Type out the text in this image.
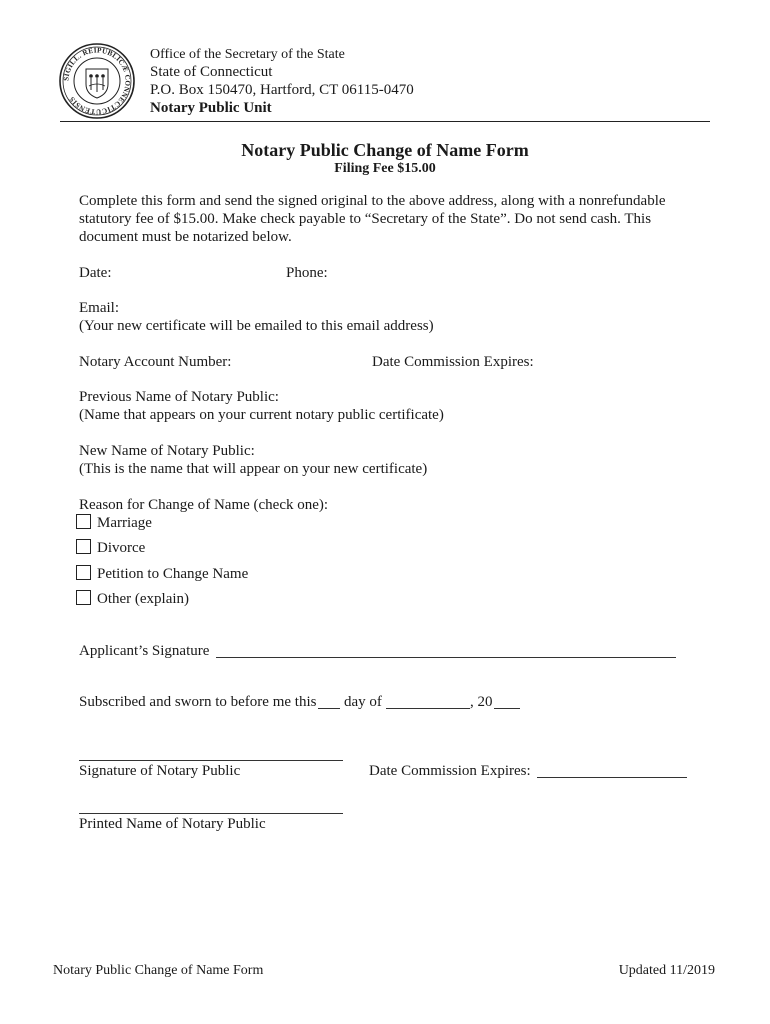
SIGILL. REIPUBLICÆ CONNECTICUTENSIS
Office of the Secretary of the State
State of Connecticut
P.O. Box 150470, Hartford, CT 06115-0470
Notary Public Unit
Notary Public Change of Name Form
Filing Fee $15.00
Complete this form and send the signed original to the above address, along with a nonrefundable
statutory fee of $15.00. Make check payable to “Secretary of the State”. Do not send cash. This
document must be notarized below.
Date:	Phone:
Email:
(Your new certificate will be emailed to this email address)
Notary Account Number:	Date Commission Expires:
Previous Name of Notary Public:
(Name that appears on your current notary public certificate)
New Name of Notary Public:
(This is the name that will appear on your new certificate)
Reason for Change of Name (check one):
Marriage
Divorce
Petition to Change Name
Other (explain)
Applicant’s Signature
Subscribed and sworn to before me this day of	, 20
Signature of Notary Public	Date Commission Expires:
Printed Name of Notary Public
Notary Public Change of Name Form	Updated 11/2019
